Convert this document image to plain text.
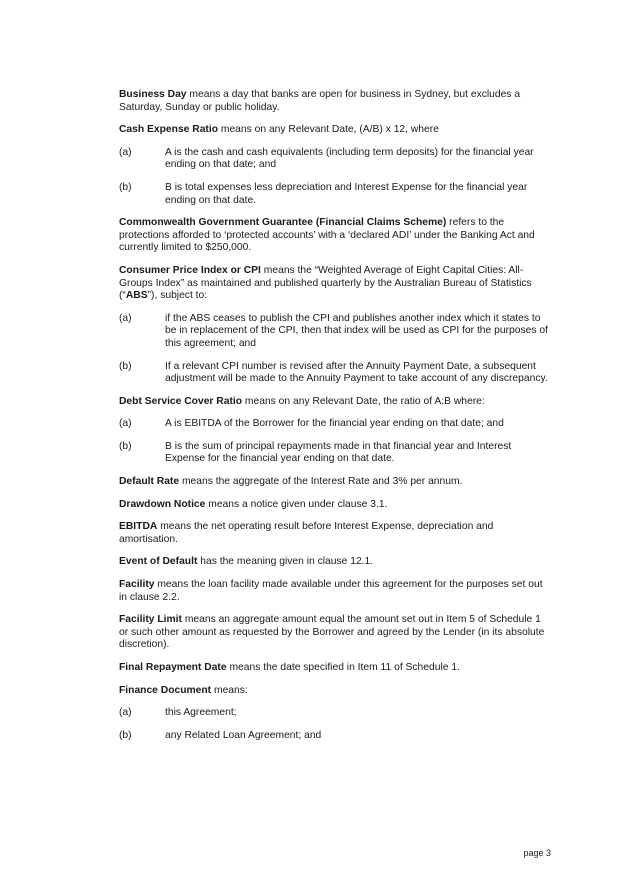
Business Day means a day that banks are open for business in Sydney, but excludes a Saturday, Sunday or public holiday.

Cash Expense Ratio means on any Relevant Date, (A/B) x 12, where

(a)	A is the cash and cash equivalents (including term deposits) for the financial year ending on that date; and
(b)	B is total expenses less depreciation and Interest Expense for the financial year ending on that date.

Commonwealth Government Guarantee (Financial Claims Scheme) refers to the protections afforded to ‘protected accounts’ with a ‘declared ADI’ under the Banking Act and currently limited to $250,000.

Consumer Price Index or CPI means the “Weighted Average of Eight Capital Cities: All-Groups Index” as maintained and published quarterly by the Australian Bureau of Statistics (“ABS”), subject to:

(a)	if the ABS ceases to publish the CPI and publishes another index which it states to be in replacement of the CPI, then that index will be used as CPI for the purposes of this agreement; and
(b)	If a relevant CPI number is revised after the Annuity Payment Date, a subsequent adjustment will be made to the Annuity Payment to take account of any discrepancy.

Debt Service Cover Ratio means on any Relevant Date, the ratio of A:B where:

(a)	A is EBITDA of the Borrower for the financial year ending on that date; and
(b)	B is the sum of principal repayments made in that financial year and Interest Expense for the financial year ending on that date.

Default Rate means the aggregate of the Interest Rate and 3% per annum.

Drawdown Notice means a notice given under clause 3.1.

EBITDA means the net operating result before Interest Expense, depreciation and amortisation.

Event of Default has the meaning given in clause 12.1.

Facility means the loan facility made available under this agreement for the purposes set out in clause 2.2.

Facility Limit means an aggregate amount equal the amount set out in Item 5 of Schedule 1 or such other amount as requested by the Borrower and agreed by the Lender (in its absolute discretion).

Final Repayment Date means the date specified in Item 11 of Schedule 1.

Finance Document means:

(a)	this Agreement;
(b)	any Related Loan Agreement; and
page 3
